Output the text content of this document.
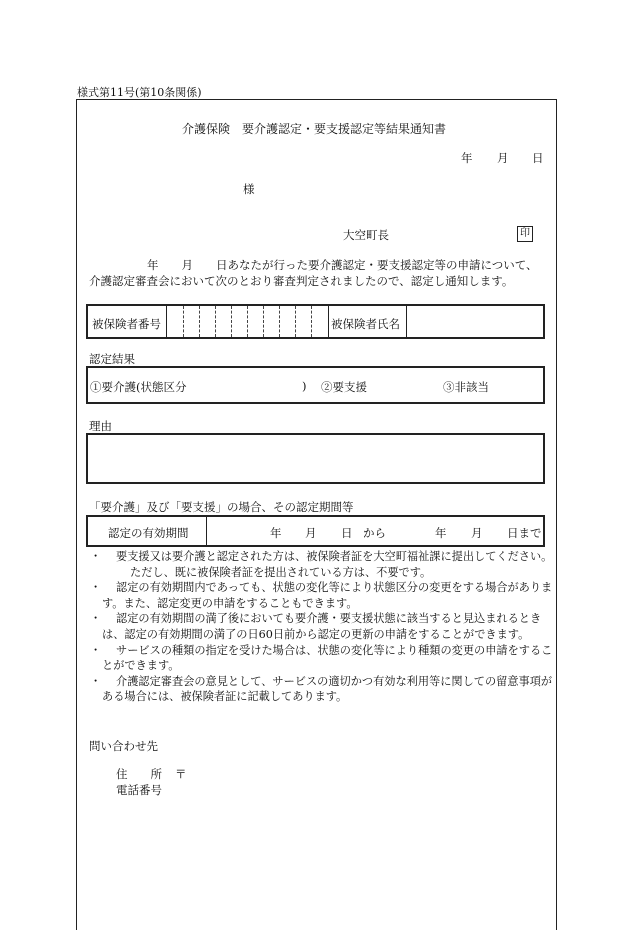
様式第11号(第10条関係)
介護保険　要介護認定・要支援認定等結果通知書
年 月 日
様
大空町長	印
年　　月　　日あなたが行った要介護認定・要支援認定等の申請について、
介護認定審査会において次のとおり審査判定されましたので、認定し通知します。
被保険者番号	被保険者氏名
認定結果
①要介護(状態区分	) ②要支援	③非該当
理由
「要介護」及び「要支援」の場合、その認定期間等
認定の有効期間	年 月 日 から	年 月 日まで

・	要支援又は要介護と認定された方は、被保険者証を大空町福祉課に提出してください。

ただし、既に被保険者証を提出されている方は、不要です。

・	認定の有効期間内であっても、状態の変化等により状態区分の変更をする場合があります。また、認定変更の申請をすることもできます。

・	認定の有効期間の満了後においても要介護・要支援状態に該当すると見込まれるときは、認定の有効期間の満了の日60日前から認定の更新の申請をすることができます。

・	サービスの種類の指定を受けた場合は、状態の変化等により種類の変更の申請をすることができます。

・	介護認定審査会の意見として、サービスの適切かつ有効な利用等に関しての留意事項がある場合には、被保険者証に記載してあります。

問い合わせ先
住　　所 〒
電話番号
